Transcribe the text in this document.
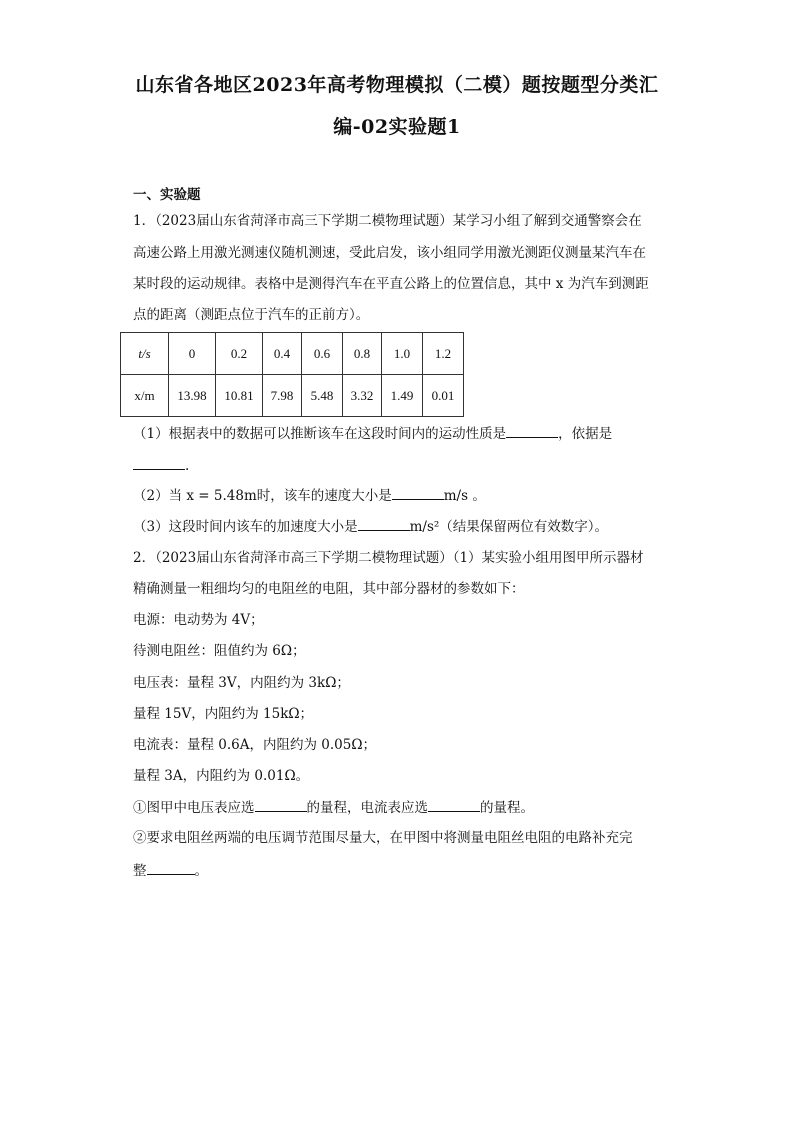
山东省各地区2023年高考物理模拟（二模）题按题型分类汇
编-02实验题1
一、实验题
1．（2023届山东省菏泽市高三下学期二模物理试题）某学习小组了解到交通警察会在
高速公路上用激光测速仪随机测速，受此启发，该小组同学用激光测距仪测量某汽车在
某时段的运动规律。表格中是测得汽车在平直公路上的位置信息，其中 x 为汽车到测距
点的距离（测距点位于汽车的正前方）。
t/s	0	0.2	0.4	0.6	0.8	1.0	1.2
x/m	13.98	10.81	7.98	5.48	3.32	1.49	0.01
（1）根据表中的数据可以推断该车在这段时间内的运动性质是	，依据是
.
（2）当 x = 5.48m时，该车的速度大小是	m/s 。
（3）这段时间内该车的加速度大小是	m/s²（结果保留两位有效数字）。
2．（2023届山东省菏泽市高三下学期二模物理试题）（1）某实验小组用图甲所示器材
精确测量一粗细均匀的电阻丝的电阻，其中部分器材的参数如下：
电源：电动势为 4V；
待测电阻丝：阻值约为 6Ω；
电压表：量程 3V，内阻约为 3kΩ；
量程 15V，内阻约为 15kΩ；
电流表：量程 0.6A，内阻约为 0.05Ω；
量程 3A，内阻约为 0.01Ω。
①图甲中电压表应选	的量程，电流表应选	的量程。
②要求电阻丝两端的电压调节范围尽量大，在甲图中将测量电阻丝电阻的电路补充完
整	。
